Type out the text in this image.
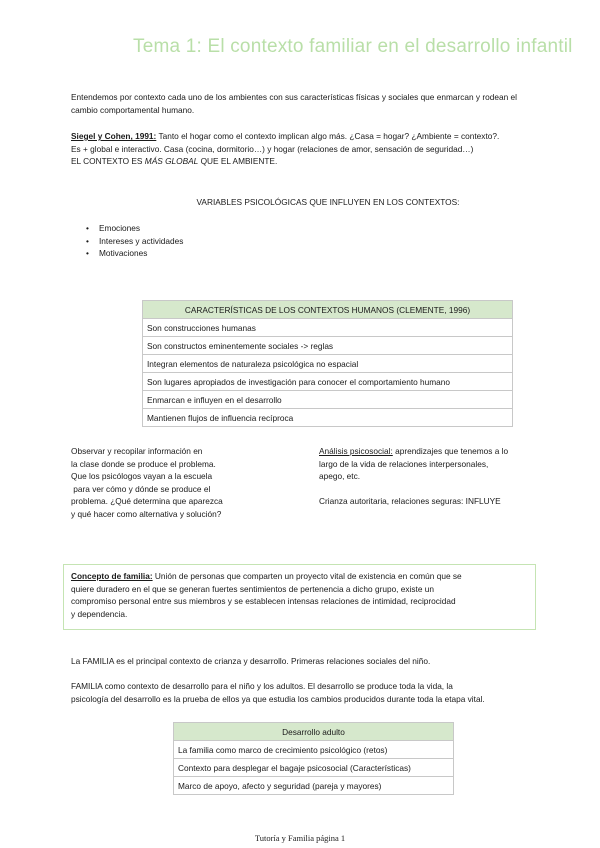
Tema 1: El contexto familiar en el desarrollo infantil
Entendemos por contexto cada uno de los ambientes con sus características físicas y sociales que enmarcan y rodean el
cambio comportamental humano.
Siegel y Cohen, 1991: Tanto el hogar como el contexto implican algo más. ¿Casa = hogar? ¿Ambiente = contexto?.
Es + global e interactivo. Casa (cocina, dormitorio…) y hogar (relaciones de amor, sensación de seguridad…)
EL CONTEXTO ES MÁS GLOBAL QUE EL AMBIENTE.
VARIABLES PSICOLÓGICAS QUE INFLUYEN EN LOS CONTEXTOS:
• Emociones
• Intereses y actividades
• Motivaciones
CARACTERÍSTICAS DE LOS CONTEXTOS HUMANOS (CLEMENTE, 1996)
Son construcciones humanas
Son constructos eminentemente sociales -> reglas
Integran elementos de naturaleza psicológica no espacial
Son lugares apropiados de investigación para conocer el comportamiento humano
Enmarcan e influyen en el desarrollo
Mantienen flujos de influencia recíproca
Observar y recopilar información en
la clase donde se produce el problema.
Que los psicólogos vayan a la escuela
para ver cómo y dónde se produce el
problema. ¿Qué determina que aparezca
y qué hacer como alternativa y solución?
Análisis psicosocial: aprendizajes que tenemos a lo
largo de la vida de relaciones interpersonales,
apego, etc.
Crianza autoritaria, relaciones seguras: INFLUYE
Concepto de familia: Unión de personas que comparten un proyecto vital de existencia en común que se
quiere duradero en el que se generan fuertes sentimientos de pertenencia a dicho grupo, existe un
compromiso personal entre sus miembros y se establecen intensas relaciones de intimidad, reciprocidad
y dependencia.
La FAMILIA es el principal contexto de crianza y desarrollo. Primeras relaciones sociales del niño.
FAMILIA como contexto de desarrollo para el niño y los adultos. El desarrollo se produce toda la vida, la
psicología del desarrollo es la prueba de ellos ya que estudia los cambios producidos durante toda la etapa vital.
Desarrollo adulto
La familia como marco de crecimiento psicológico (retos)
Contexto para desplegar el bagaje psicosocial (Características)
Marco de apoyo, afecto y seguridad (pareja y mayores)
Tutoría y Familia página 1
